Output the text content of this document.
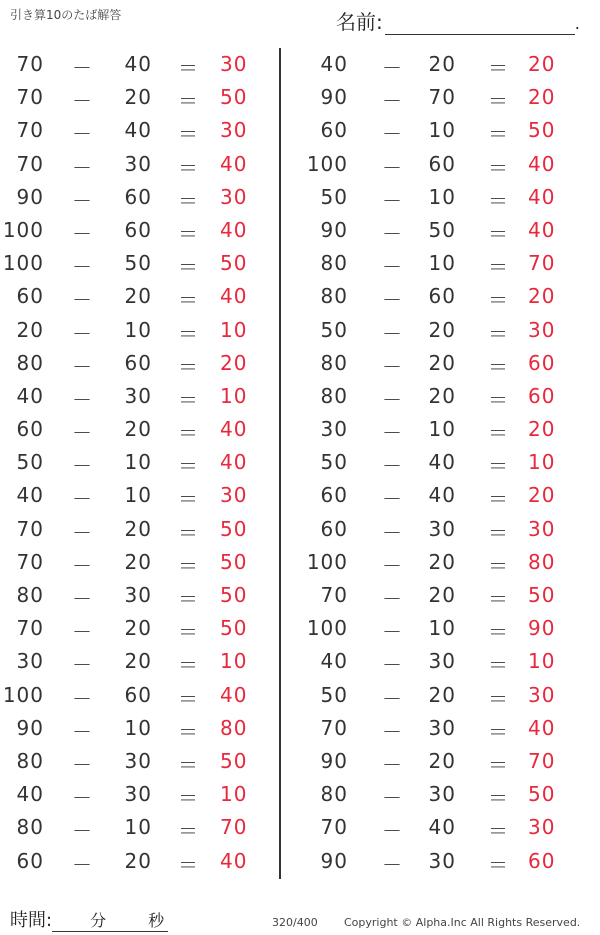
引き算10のたば解答	名前:	.
70 － 40 ＝ 30
70 － 20 ＝ 50
70 － 40 ＝ 30
70 － 30 ＝ 40
90 － 60 ＝ 30
100 － 60 ＝ 40
100 － 50 ＝ 50
60 － 20 ＝ 40
20 － 10 ＝ 10
80 － 60 ＝ 20
40 － 30 ＝ 10
60 － 20 ＝ 40
50 － 10 ＝ 40
40 － 10 ＝ 30
70 － 20 ＝ 50
70 － 20 ＝ 50
80 － 30 ＝ 50
70 － 20 ＝ 50
30 － 20 ＝ 10
100 － 60 ＝ 40
90 － 10 ＝ 80
80 － 30 ＝ 50
40 － 30 ＝ 10
80 － 10 ＝ 70
60 － 20 ＝ 40
40 － 20 ＝ 20
90 － 70 ＝ 20
60 － 10 ＝ 50
100 － 60 ＝ 40
50 － 10 ＝ 40
90 － 50 ＝ 40
80 － 10 ＝ 70
80 － 60 ＝ 20
50 － 20 ＝ 30
80 － 20 ＝ 60
80 － 20 ＝ 60
30 － 10 ＝ 20
50 － 40 ＝ 10
60 － 40 ＝ 20
60 － 30 ＝ 30
100 － 20 ＝ 80
70 － 20 ＝ 50
100 － 10 ＝ 90
40 － 30 ＝ 10
50 － 20 ＝ 30
70 － 30 ＝ 40
90 － 20 ＝ 70
80 － 30 ＝ 50
70 － 40 ＝ 30
90 － 30 ＝ 60
時間: 分	秒	320/400 Copyright © Alpha.Inc All Rights Reserved.
